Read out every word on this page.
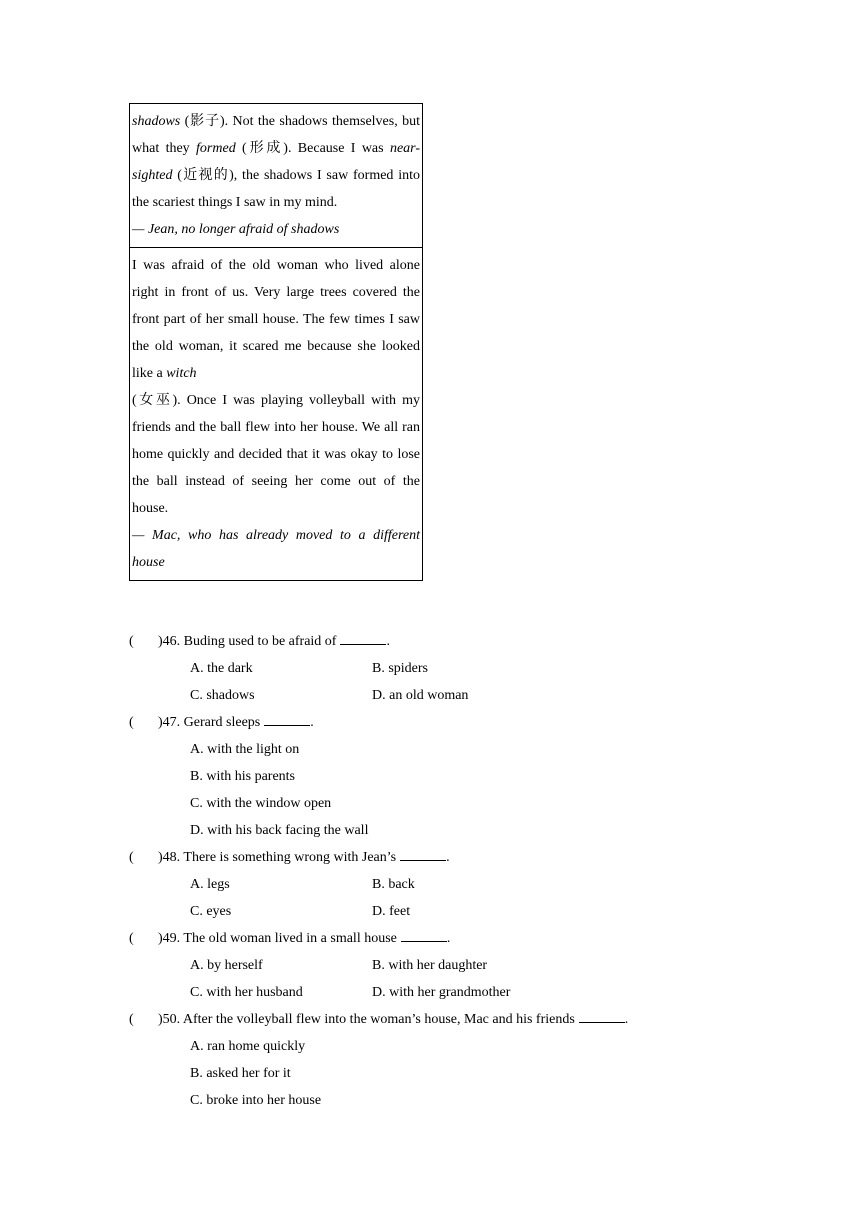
shadows (影子). Not the shadows themselves, but what they formed (形成). Because I was near-sighted (近视的), the shadows I saw formed into the scariest things I saw in my mind.
— Jean, no longer afraid of shadows

I was afraid of the old woman who lived alone right in front of us. Very large trees covered the front part of her small house. The few times I saw the old woman, it scared me because she looked like a witch
(女巫). Once I was playing volleyball with my friends and the ball flew into her house. We all ran home quickly and decided that it was okay to lose the ball instead of seeing her come out of the house.
— Mac, who has already moved to a different house
( )46. Buding used to be afraid of	.
A. the dark	B. spiders
C. shadows	D. an old woman
( )47. Gerard sleeps	.
A. with the light on
B. with his parents
C. with the window open
D. with his back facing the wall
( )48. There is something wrong with Jean’s	.
A. legs	B. back
C. eyes	D. feet
( )49. The old woman lived in a small house	.
A. by herself	B. with her daughter
C. with her husband	D. with her grandmother
( )50. After the volleyball flew into the woman’s house, Mac and his friends	.
A. ran home quickly
B. asked her for it
C. broke into her house
